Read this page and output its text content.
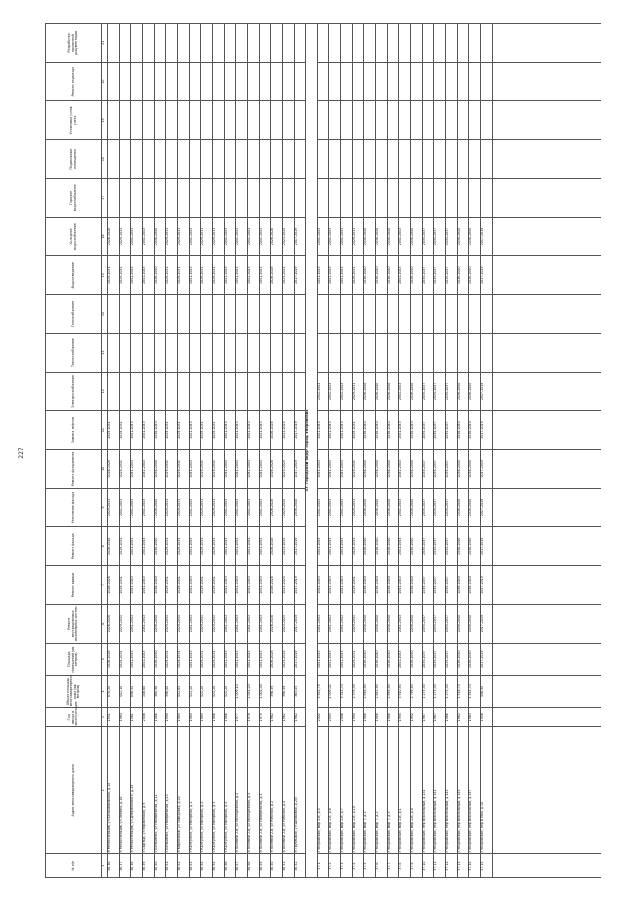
227
№ п/п	Адрес многоквартирного дома	Год ввода в эксплуатацию	Общая площадь многоквартирного дома (кв. метров)	Площадь помещений (кв. метров)	Ремонт внутридомовых инженерных систем	Ремонт крыши	Ремонт фасада	Утепление фасада	Ремонт фундамента	Замена лифтов	Электроснабжение	Теплоснабжение	Газоснабжение	Водоотведение	Холодное водоснабжение	Горячее водоснабжение	Подвальные помещения	Установка узлов учета	Ремонт подъезда	Разработка проектной документации
1	2	3	4	5	6	7	8	9	10	11	12	13	14	15	16	17	18	19	20	21
36.36.	п Репностницев, ул Балашиковская, д.15	1951	678,20	2026-2028	2026-2028	2026-2028	2026-2028	2029-2031	2026-2028	2029-2031				2029-2031	2026-2028					
36.37.	п Репностницев, ул Ленина, д.18	1960	442,10	2029-2031	2029-2031	2029-2031	2029-2031	2041-2043	2029-2031	2029-2031				2029-2031	2029-2031					
36.38.	п Репностницев, ул Дзержинского, д.19	1961	896,54	2041-2043	2041-2043	2041-2043	2041-2043	2041-2043	2041-2043	2041-2043				2041-2043	2041-2043					
36.39.	с Сыртыр, ул Украинская, д.9	2006	146,60	2041-2043	2041-2043	2041-2043	2041-2043	2041-2043	2041-2043	2041-2043				2041-2043	2041-2043					
36.40.	с Бельченко, ул Набережная, д.11	1988	368,98	2038-2040	2038-2040	2038-2040	2038-2040	2038-2040	2038-2040	2038-2040				2038-2040	2038-2040					
36.41.	с Бельченко, ул Набережная, д.13	1990	396,00	2029-2031	2029-2031	2029-2031	2029-2031	2029-2031	2029-2031	2029-2031				2029-2031	2029-2031					
36.42.	п Кирпичный, ул Заводская, д.24	1984	452,85	2029-2031	2029-2031	2029-2031	2029-2031	2029-2031	2029-2031	2029-2031				2029-2031	2029-2031					
36.43.	с Калтусное, ул Нагорная, д.1	1984	521,20	2041-2043	2041-2043	2041-2043	2041-2043	2041-2043	2041-2043	2041-2043				2041-2043	2041-2043					
36.44.	с Калтусное, ул Нагорная, д.2	1985	521,20	2029-2031	2029-2031	2029-2031	2029-2031	2029-2031	2029-2031	2029-2031				2029-2031	2029-2031					
36.45.	с Калтусное, ул Нагорная, д.3	1986	521,20	2029-2031	2029-2031	2029-2031	2029-2031	2029-2031	2029-2031	2029-2031				2029-2031	2029-2031					
36.46.	с Калтусное, ул Нагорная, д.4	1986	521,20	2041-2043	2041-2043	2041-2043	2041-2043	2041-2043	2041-2043	2041-2043				2041-2043	2041-2043					
36.47.	п Полевой 2-й, ул Молодёжная, д.2	1977	1 009,10	2041-2043	2041-2043	2041-2043	2041-2043	2041-2043	2041-2043	2041-2043				2041-2043	2041-2043					
36.48.	п Полевой 2-й, ул Молодёжная, д.3	1978	1 051,20	2041-2043	2041-2043	2041-2043	2041-2043	2041-2043	2041-2043	2041-2043				2041-2043	2041-2043					
36.49.	п Полевой 2-й, ул Набережная, д.1	1979	1 001,00	2041-2043	2041-2043	2041-2043	2041-2043	2041-2043	2041-2043	2041-2043				2041-2043	2041-2043					
36.50.	п Полевой 2-й, ул Рабочая, д.2	1962	396,39	2026-2028	2026-2028	2026-2028	2026-2028	2026-2028	2026-2028	2026-2028				2026-2028	2026-2028					
36.51.	п Полевой 2-й, ул Рабочая, д.4	1962	396,39	2023-2025	2023-2025	2023-2025	2023-2025	2023-2025	2023-2025	2023-2025				2023-2025	2023-2025					
36.52.	п Трубецкой, ул Шлаковая, д.2/5	1962	363,45	2017-2019	2017-2019	2017-2019	2017-2019	2038-2040	2017-2019	2017-2019				2017-2019	2017-2019					
37. Городской округ город Упоровских																				
37.1.	г Упоровских, мкр 2-й, д.5	2002	3 592,79	2041-2043	2041-2043	2041-2043	2041-2043	2041-2043	2041-2043	2041-2043	2041-2043			2041-2043	2041-2043					
37.2.	г Упоровских, мкр 2-й, д.6	2003	4 009,02	2041-2043	2041-2043	2041-2043	2041-2043	2041-2043	2041-2043	2041-2043	2041-2043			2041-2043	2041-2043					
37.3.	г Упоровских, мкр 2-й, д.7	2006	3 315,70	2041-2043	2041-2043	2041-2043	2041-2043	2041-2043	2041-2043	2041-2043	2041-2043			2041-2043	2041-2043					
37.4.	г Упоровских, мкр 2-й, д.10	1994	2 378,30	2029-2031	2029-2031	2029-2031	2029-2031	2029-2031	2029-2031	2029-2031	2029-2031			2029-2031	2029-2031					
37.5.	г Упоровских, мкр 7, д.1	1988	2 846,90	2038-2040	2038-2040	2038-2040	2038-2040	2038-2040	2038-2040	2038-2040	2038-2040			2038-2040	2038-2040					
37.6.	г Упоровских, мкр 7, д.2	1988	2 845,90	2038-2040	2038-2040	2038-2040	2038-2040	2038-2040	2038-2040	2038-2040	2038-2040			2038-2040	2038-2040					
37.7.	г Упоровских, мкр 7, д.3	1988	2 995,90	2038-2040	2038-2040	2038-2040	2038-2040	2038-2040	2038-2040	2038-2040	2038-2040			2038-2040	2038-2040					
37.8.	г Упоровских, мкр 2-й, д.1	1994	3 910,90	2041-2043	2041-2043	2041-2043	2041-2043	2041-2043	2041-2043	2041-2043	2041-2043			2041-2043	2041-2043					
37.9.	г Упоровских, мкр 2-й, д.8	1992	2 799,50	2038-2040	2038-2040	2038-2040	2038-2040	2038-2040	2038-2040	2038-2040	2038-2040			2038-2040	2038-2040					
37.10.	г Упоровских, пер Вокзальный, д.131	1967	1 275,30	2035-2037	2035-2037	2035-2037	2035-2037	2035-2037	2035-2037	2035-2037	2035-2037			2035-2037	2035-2037					
37.11.	г Упоровских, пер Вокзальный, д.141	1967	1 275,30	2035-2037	2035-2037	2035-2037	2035-2037	2035-2037	2035-2037	2035-2037	2035-2037			2035-2037	2035-2037					
37.12.	г Упоровских, пер Вокзальный, д.143	1968	1 275,30	2035-2037	2035-2037	2035-2037	2035-2037	2035-2037	2035-2037	2035-2037	2035-2037			2035-2037	2035-2037					
37.13.	г Упоровских, пер Вокзальный, д.145	1962	1 516,70	2038-2040	2038-2040	2038-2040	2038-2040	2038-2040	2038-2040	2038-2040	2038-2040			2038-2040	2038-2040					
37.14.	г Упоровских, пер Вокзальный, д.147	1963	1 544,70	2038-2040	2038-2040	2038-2040	2038-2040	2038-2040	2038-2040	2038-2040	2038-2040			2038-2040	2038-2040					
37.15.	г Упоровских, пер В Мая, д.10	1956	506,90	2017-2019	2017-2019	2017-2019	2017-2019	2017-2019	2017-2019	2017-2019	2017-2019			2017-2019	2017-2019					
